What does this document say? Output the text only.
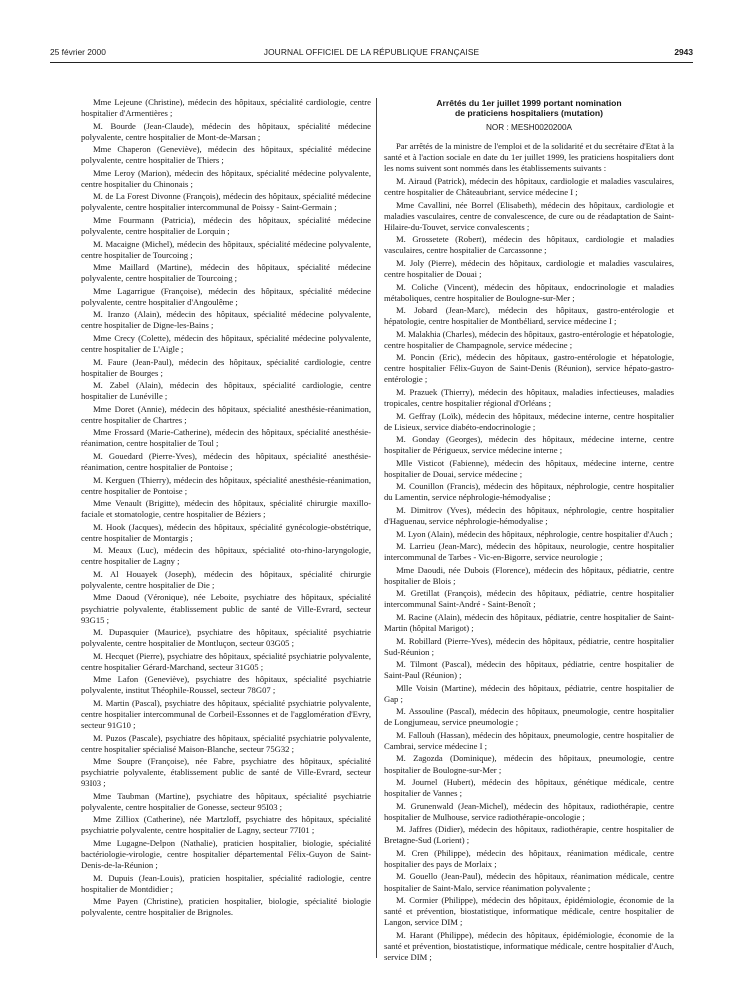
25 février 2000	JOURNAL OFFICIEL DE LA RÉPUBLIQUE FRANÇAISE	2943

Mme Lejeune (Christine), médecin des hôpitaux, spécialité cardiologie, centre hospitalier d'Armentières ;

M. Bourde (Jean-Claude), médecin des hôpitaux, spécialité médecine polyvalente, centre hospitalier de Mont-de-Marsan ;

Mme Chaperon (Geneviève), médecin des hôpitaux, spécialité médecine polyvalente, centre hospitalier de Thiers ;

Mme Leroy (Marion), médecin des hôpitaux, spécialité médecine polyvalente, centre hospitalier du Chinonais ;

M. de La Forest Divonne (François), médecin des hôpitaux, spécialité médecine polyvalente, centre hospitalier intercommunal de Poissy - Saint-Germain ;

Mme Fourmann (Patricia), médecin des hôpitaux, spécialité médecine polyvalente, centre hospitalier de Lorquin ;

M. Macaigne (Michel), médecin des hôpitaux, spécialité médecine polyvalente, centre hospitalier de Tourcoing ;

Mme Maillard (Martine), médecin des hôpitaux, spécialité médecine polyvalente, centre hospitalier de Tourcoing ;

Mme Lagarrigue (Françoise), médecin des hôpitaux, spécialité médecine polyvalente, centre hospitalier d'Angoulême ;

M. Iranzo (Alain), médecin des hôpitaux, spécialité médecine polyvalente, centre hospitalier de Digne-les-Bains ;

Mme Crecy (Colette), médecin des hôpitaux, spécialité médecine polyvalente, centre hospitalier de L'Aigle ;

M. Faure (Jean-Paul), médecin des hôpitaux, spécialité cardiologie, centre hospitalier de Bourges ;

M. Zabel (Alain), médecin des hôpitaux, spécialité cardiologie, centre hospitalier de Lunéville ;

Mme Doret (Annie), médecin des hôpitaux, spécialité anesthésie-réanimation, centre hospitalier de Chartres ;

Mme Frossard (Marie-Catherine), médecin des hôpitaux, spécialité anesthésie-réanimation, centre hospitalier de Toul ;

M. Gouedard (Pierre-Yves), médecin des hôpitaux, spécialité anesthésie-réanimation, centre hospitalier de Pontoise ;

M. Kerguen (Thierry), médecin des hôpitaux, spécialité anesthésie-réanimation, centre hospitalier de Pontoise ;

Mme Venault (Brigitte), médecin des hôpitaux, spécialité chirurgie maxillo-faciale et stomatologie, centre hospitalier de Béziers ;

M. Hook (Jacques), médecin des hôpitaux, spécialité gynécologie-obstétrique, centre hospitalier de Montargis ;

M. Meaux (Luc), médecin des hôpitaux, spécialité oto-rhino-laryngologie, centre hospitalier de Lagny ;

M. Al Houayek (Joseph), médecin des hôpitaux, spécialité chirurgie polyvalente, centre hospitalier de Die ;

Mme Daoud (Véronique), née Leboite, psychiatre des hôpitaux, spécialité psychiatrie polyvalente, établissement public de santé de Ville-Evrard, secteur 93G15 ;

M. Dupasquier (Maurice), psychiatre des hôpitaux, spécialité psychiatrie polyvalente, centre hospitalier de Montluçon, secteur 03G05 ;

M. Hecquet (Pierre), psychiatre des hôpitaux, spécialité psychiatrie polyvalente, centre hospitalier Gérard-Marchand, secteur 31G05 ;

Mme Lafon (Geneviève), psychiatre des hôpitaux, spécialité psychiatrie polyvalente, institut Théophile-Roussel, secteur 78G07 ;

M. Martin (Pascal), psychiatre des hôpitaux, spécialité psychiatrie polyvalente, centre hospitalier intercommunal de Corbeil-Essonnes et de l'agglomération d'Evry, secteur 91G10 ;

M. Puzos (Pascale), psychiatre des hôpitaux, spécialité psychiatrie polyvalente, centre hospitalier spécialisé Maison-Blanche, secteur 75G32 ;

Mme Soupre (Françoise), née Fabre, psychiatre des hôpitaux, spécialité psychiatrie polyvalente, établissement public de santé de Ville-Evrard, secteur 93I03 ;

Mme Taubman (Martine), psychiatre des hôpitaux, spécialité psychiatrie polyvalente, centre hospitalier de Gonesse, secteur 95I03 ;

Mme Zilliox (Catherine), née Martzloff, psychiatre des hôpitaux, spécialité psychiatrie polyvalente, centre hospitalier de Lagny, secteur 77I01 ;

Mme Lugagne-Delpon (Nathalie), praticien hospitalier, biologie, spécialité bactériologie-virologie, centre hospitalier départemental Félix-Guyon de Saint-Denis-de-la-Réunion ;

M. Dupuis (Jean-Louis), praticien hospitalier, spécialité radiologie, centre hospitalier de Montdidier ;

Mme Payen (Christine), praticien hospitalier, biologie, spécialité biologie polyvalente, centre hospitalier de Brignoles.

Arrêtés du 1er juillet 1999 portant nomination
de praticiens hospitaliers (mutation)
NOR : MESH0020200A

Par arrêtés de la ministre de l'emploi et de la solidarité et du secrétaire d'Etat à la santé et à l'action sociale en date du 1er juillet 1999, les praticiens hospitaliers dont les noms suivent sont nommés dans les établissements suivants :

M. Airaud (Patrick), médecin des hôpitaux, cardiologie et maladies vasculaires, centre hospitalier de Châteaubriant, service médecine I ;

Mme Cavallini, née Borrel (Elisabeth), médecin des hôpitaux, cardiologie et maladies vasculaires, centre de convalescence, de cure ou de réadaptation de Saint-Hilaire-du-Touvet, service convalescents ;

M. Grossetete (Robert), médecin des hôpitaux, cardiologie et maladies vasculaires, centre hospitalier de Carcassonne ;

M. Joly (Pierre), médecin des hôpitaux, cardiologie et maladies vasculaires, centre hospitalier de Douai ;

M. Coliche (Vincent), médecin des hôpitaux, endocrinologie et maladies métaboliques, centre hospitalier de Boulogne-sur-Mer ;

M. Jobard (Jean-Marc), médecin des hôpitaux, gastro-entérologie et hépatologie, centre hospitalier de Montbéliard, service médecine I ;

M. Malakhia (Charles), médecin des hôpitaux, gastro-entérologie et hépatologie, centre hospitalier de Champagnole, service médecine ;

M. Poncin (Eric), médecin des hôpitaux, gastro-entérologie et hépatologie, centre hospitalier Félix-Guyon de Saint-Denis (Réunion), service hépato-gastro-entérologie ;

M. Prazuek (Thierry), médecin des hôpitaux, maladies infectieuses, maladies tropicales, centre hospitalier régional d'Orléans ;

M. Geffray (Loïk), médecin des hôpitaux, médecine interne, centre hospitalier de Lisieux, service diabéto-endocrinologie ;

M. Gonday (Georges), médecin des hôpitaux, médecine interne, centre hospitalier de Périgueux, service médecine interne ;

Mlle Visticot (Fabienne), médecin des hôpitaux, médecine interne, centre hospitalier de Douai, service médecine ;

M. Counillon (Francis), médecin des hôpitaux, néphrologie, centre hospitalier du Lamentin, service néphrologie-hémodyalise ;

M. Dimitrov (Yves), médecin des hôpitaux, néphrologie, centre hospitalier d'Haguenau, service néphrologie-hémodyalise ;

M. Lyon (Alain), médecin des hôpitaux, néphrologie, centre hospitalier d'Auch ;

M. Larrieu (Jean-Marc), médecin des hôpitaux, neurologie, centre hospitalier intercommunal de Tarbes - Vic-en-Bigorre, service neurologie ;

Mme Daoudi, née Dubois (Florence), médecin des hôpitaux, pédiatrie, centre hospitalier de Blois ;

M. Gretillat (François), médecin des hôpitaux, pédiatrie, centre hospitalier intercommunal Saint-André - Saint-Benoît ;

M. Racine (Alain), médecin des hôpitaux, pédiatrie, centre hospitalier de Saint-Martin (hôpital Marigot) ;

M. Robillard (Pierre-Yves), médecin des hôpitaux, pédiatrie, centre hospitalier Sud-Réunion ;

M. Tilmont (Pascal), médecin des hôpitaux, pédiatrie, centre hospitalier de Saint-Paul (Réunion) ;

Mlle Voisin (Martine), médecin des hôpitaux, pédiatrie, centre hospitalier de Gap ;

M. Assouline (Pascal), médecin des hôpitaux, pneumologie, centre hospitalier de Longjumeau, service pneumologie ;

M. Fallouh (Hassan), médecin des hôpitaux, pneumologie, centre hospitalier de Cambrai, service médecine I ;

M. Zagozda (Dominique), médecin des hôpitaux, pneumologie, centre hospitalier de Boulogne-sur-Mer ;

M. Journel (Hubert), médecin des hôpitaux, génétique médicale, centre hospitalier de Vannes ;

M. Grunenwald (Jean-Michel), médecin des hôpitaux, radiothérapie, centre hospitalier de Mulhouse, service radiothérapie-oncologie ;

M. Jaffres (Didier), médecin des hôpitaux, radiothérapie, centre hospitalier de Bretagne-Sud (Lorient) ;

M. Cren (Philippe), médecin des hôpitaux, réanimation médicale, centre hospitalier des pays de Morlaix ;

M. Gouello (Jean-Paul), médecin des hôpitaux, réanimation médicale, centre hospitalier de Saint-Malo, service réanimation polyvalente ;

M. Cormier (Philippe), médecin des hôpitaux, épidémiologie, économie de la santé et prévention, biostatistique, informatique médicale, centre hospitalier de Langon, service DIM ;

M. Harant (Philippe), médecin des hôpitaux, épidémiologie, économie de la santé et prévention, biostatistique, informatique médicale, centre hospitalier d'Auch, service DIM ;
